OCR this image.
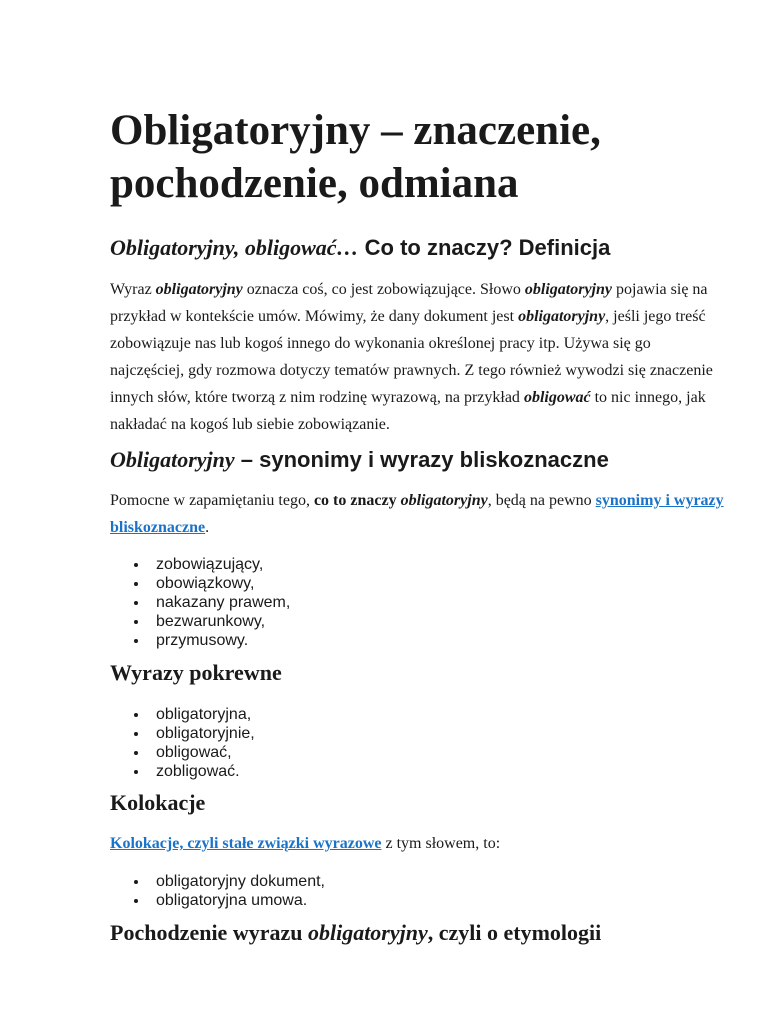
Obligatoryjny – znaczenie, pochodzenie, odmiana
Obligatoryjny, obligować… Co to znaczy? Definicja

Wyraz obligatoryjny oznacza coś, co jest zobowiązujące. Słowo obligatoryjny pojawia się na przykład w kontekście umów. Mówimy, że dany dokument jest obligatoryjny, jeśli jego treść zobowiązuje nas lub kogoś innego do wykonania określonej pracy itp. Używa się go najczęściej, gdy rozmowa dotyczy tematów prawnych. Z tego również wywodzi się znaczenie innych słów, które tworzą z nim rodzinę wyrazową, na przykład obligować to nic innego, jak nakładać na kogoś lub siebie zobowiązanie.

Obligatoryjny – synonimy i wyrazy bliskoznaczne

Pomocne w zapamiętaniu tego, co to znaczy obligatoryjny, będą na pewno synonimy i wyrazy bliskoznaczne.

zobowiązujący,
obowiązkowy,
nakazany prawem,
bezwarunkowy,
przymusowy.
Wyrazy pokrewne
obligatoryjna,
obligatoryjnie,
obligować,
zobligować.
Kolokacje

Kolokacje, czyli stałe związki wyrazowe z tym słowem, to:

obligatoryjny dokument,
obligatoryjna umowa.
Pochodzenie wyrazu obligatoryjny, czyli o etymologii
